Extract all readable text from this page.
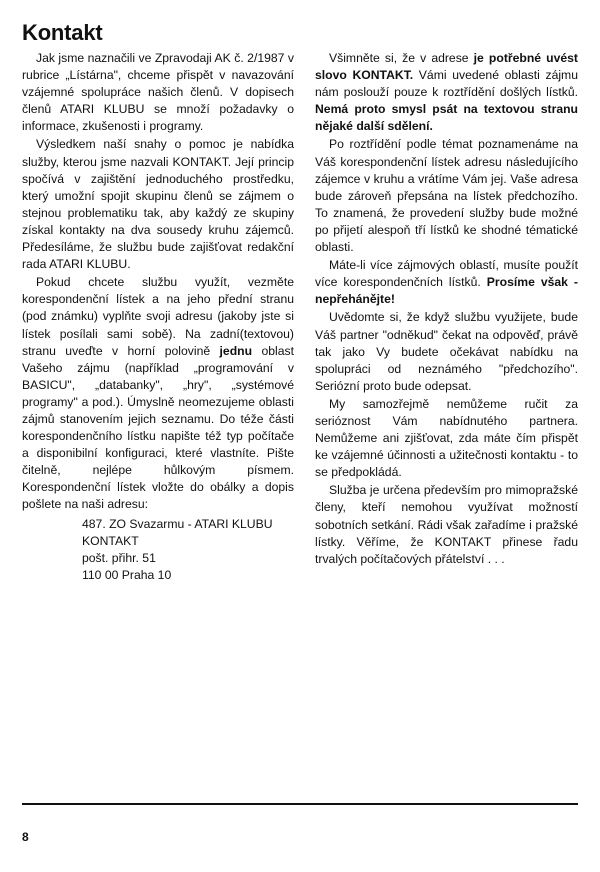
Kontakt

Jak jsme naznačili ve Zpravodaji AK č. 2/1987 v rubrice „Lístárna", chceme přispět v navazování vzájemné spolupráce našich členů. V dopisech členů ATARI KLUBU se množí požadavky o informace, zkušenosti i programy.

Výsledkem naší snahy o pomoc je nabídka služby, kterou jsme nazvali KONTAKT. Její princip spočívá v zajištění jednoduchého prostředku, který umožní spojit skupinu členů se zájmem o stejnou problematiku tak, aby každý ze skupiny získal kontakty na dva sousedy kruhu zájemců. Předesíláme, že službu bude zajišťovat redakční rada ATARI KLUBU.

Pokud chcete službu využít, vezměte korespondenční lístek a na jeho přední stranu (pod známku) vyplňte svoji adresu (jakoby jste si lístek posílali sami sobě). Na zadní(textovou) stranu uveďte v horní polovině jednu oblast Vašeho zájmu (například „programování v BASICU", „databanky", „hry", „systémové programy" a pod.). Úmyslně neomezujeme oblasti zájmů stanovením jejich seznamu. Do téže části korespondenčního lístku napište též typ počítače a disponibilní konfiguraci, které vlastníte. Pište čitelně, nejlépe hůlkovým písmem. Korespondenční lístek vložte do obálky a dopis pošlete na naši adresu:

487. ZO Svazarmu - ATARI KLUBU
KONTAKT
pošt. přihr. 51
110 00 Praha 10

Všimněte si, že v adrese je potřebné uvést slovo KONTAKT. Vámi uvedené oblasti zájmu nám poslouží pouze k roztřídění došlých lístků. Nemá proto smysl psát na textovou stranu nějaké další sdělení.

Po roztřídění podle témat poznamenáme na Váš korespondenční lístek adresu následujícího zájemce v kruhu a vrátíme Vám jej. Vaše adresa bude zároveň přepsána na lístek předchozího. To znamená, že provedení služby bude možné po přijetí alespoň tří lístků ke shodné tématické oblasti.

Máte-li více zájmových oblastí, musíte použít více korespondenčních lístků. Prosíme však - nepřehánějte!

Uvědomte si, že když službu využijete, bude Váš partner "odněkud" čekat na odpověď, právě tak jako Vy budete očekávat nabídku na spolupráci od neznámého "předchozího". Seriózní proto bude odepsat.

My samozřejmě nemůžeme ručit za serióznost Vám nabídnutého partnera. Nemůžeme ani zjišťovat, zda máte čím přispět ke vzájemné účinnosti a užitečnosti kontaktu - to se předpokládá.

Služba je určena především pro mimopražské členy, kteří nemohou využívat možností sobotních setkání. Rádi však zařadíme i pražské lístky. Věříme, že KONTAKT přinese řadu trvalých počítačových přátelství . . .

8
